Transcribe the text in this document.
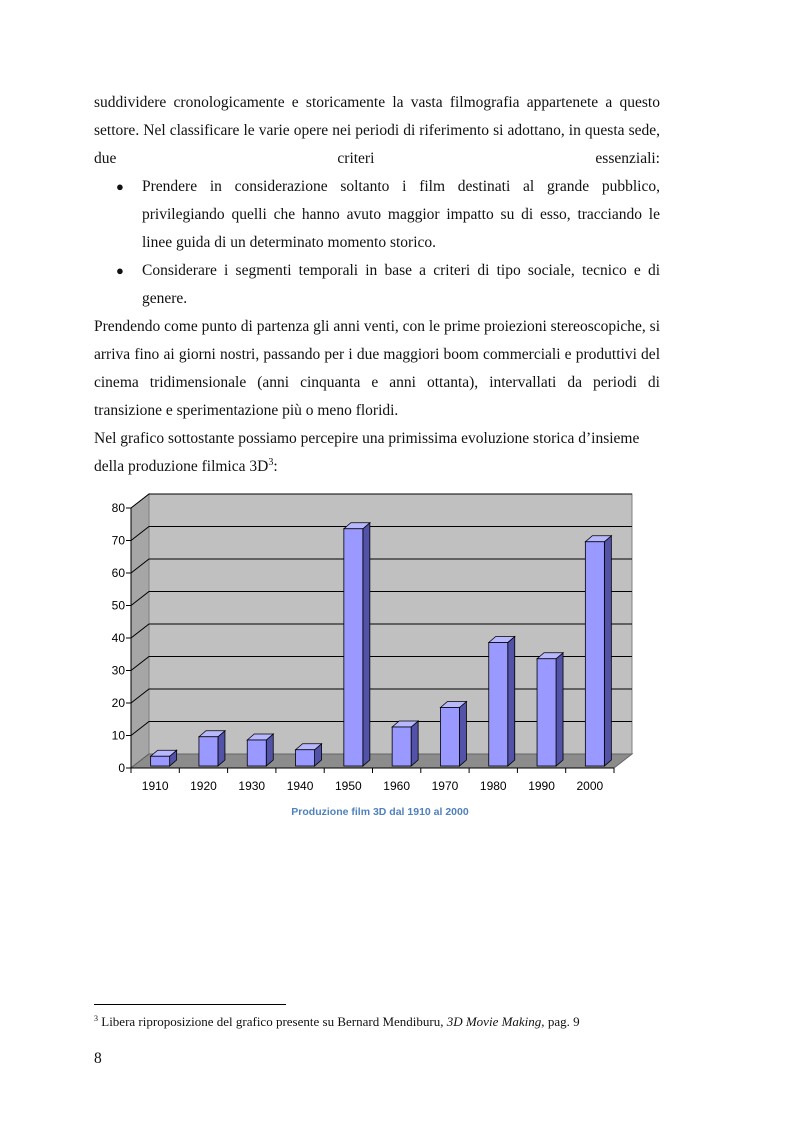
suddividere cronologicamente e storicamente la vasta filmografia appartenete a questo settore. Nel classificare le varie opere nei periodi di riferimento si adottano, in questa sede, due criteri essenziali:

● Prendere in considerazione soltanto i film destinati al grande pubblico, privilegiando quelli che hanno avuto maggior impatto su di esso, tracciando le linee guida di un determinato momento storico.
● Considerare i segmenti temporali in base a criteri di tipo sociale, tecnico e di genere.

Prendendo come punto di partenza gli anni venti, con le prime proiezioni stereoscopiche, si arriva fino ai giorni nostri, passando per i due maggiori boom commerciali e produttivi del cinema tridimensionale (anni cinquanta e anni ottanta), intervallati da periodi di transizione e sperimentazione più o meno floridi.

Nel grafico sottostante possiamo percepire una primissima evoluzione storica d’insieme
della produzione filmica $3D^3$:

0
10
20
30
40
50
60
70
80
1910 1920 1930 1940 1950 1960 1970 1980 1990 2000
Produzione film 3D dal 1910 al 2000
$^3$ Libera riproposizione del grafico presente su Bernard Mendiburu, 3D Movie Making, pag. 9
8
